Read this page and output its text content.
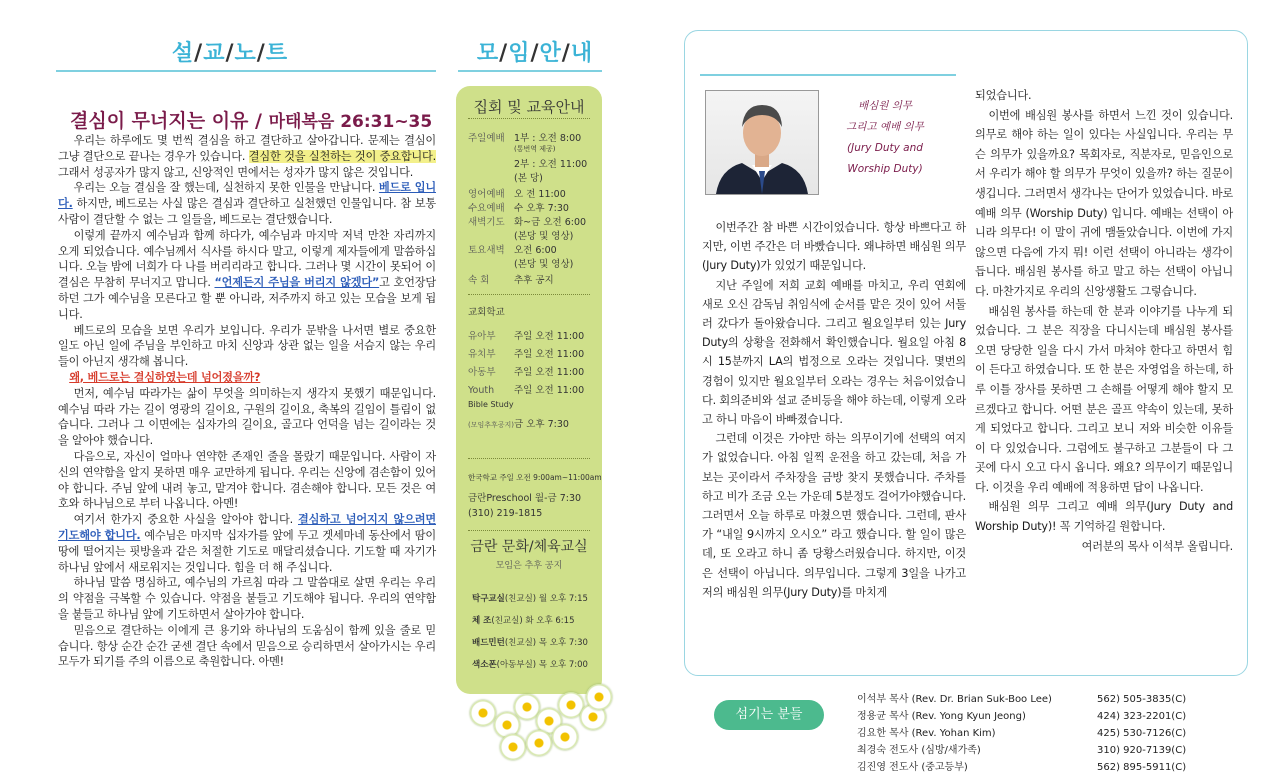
설/교/노/트	모/임/안/내
결심이 무너지는 이유 / 마태복음 26:31~35

우리는 하루에도 몇 번씩 결심을 하고 결단하고 살아갑니다. 문제는 결심이 그냥 결단으로 끝나는 경우가 있습니다. 결심한 것을 실천하는 것이 중요합니다. 그래서 성공자가 많지 않고, 신앙적인 면에서는 성자가 많지 않은 것입니다.

우리는 오늘 결심을 잘 했는데, 실천하지 못한 인물을 만납니다. 베드로 입니다. 하지만, 베드로는 사실 많은 결심과 결단하고 실천했던 인물입니다. 참 보통 사람이 결단할 수 없는 그 일들을, 베드로는 결단했습니다.

이렇게 끝까지 예수님과 함께 하다가, 예수님과 마지막 저녁 만찬 자리까지 오게 되었습니다. 예수님께서 식사를 하시다 말고, 이렇게 제자들에게 말씀하십니다. 오늘 밤에 너희가 다 나를 버리리라고 합니다. 그러나 몇 시간이 못되어 이 결심은 무참히 무너지고 맙니다. “언제든지 주님을 버리지 않겠다”고 호언장담하던 그가 예수님을 모른다고 할 뿐 아니라, 저주까지 하고 있는 모습을 보게 됩니다.

베드로의 모습을 보면 우리가 보입니다. 우리가 문밖을 나서면 별로 중요한 일도 아닌 일에 주님을 부인하고 마치 신앙과 상관 없는 일을 서슴지 않는 우리들이 아닌지 생각해 봅니다.

왜, 베드로는 결심하였는데 넘어졌을까?

먼저, 예수님 따라가는 삶이 무엇을 의미하는지 생각지 못했기 때문입니다. 예수님 따라 가는 길이 영광의 길이요, 구원의 길이요, 축복의 길임이 틀림이 없습니다. 그러나 그 이면에는 십자가의 길이요, 골고다 언덕을 넘는 길이라는 것을 알아야 했습니다.

다음으로, 자신이 얼마나 연약한 존재인 줄을 몰랐기 때문입니다. 사람이 자신의 연약함을 알지 못하면 매우 교만하게 됩니다. 우리는 신앙에 겸손함이 있어야 합니다. 주님 앞에 내려 놓고, 맡겨야 합니다. 겸손해야 합니다. 모든 것은 여호와 하나님으로 부터 나옵니다. 아멘!

여기서 한가지 중요한 사실을 알아야 합니다. 결심하고 넘어지지 않으려면 기도해야 합니다. 예수님은 마지막 십자가를 앞에 두고 겟세마네 동산에서 땀이 땅에 떨어지는 핏방울과 같은 처절한 기도로 매달리셨습니다. 기도할 때 자기가 하나님 앞에서 새로워지는 것입니다. 힘을 더 해 주십니다.

하나님 말씀 명심하고, 예수님의 가르침 따라 그 말씀대로 살면 우리는 우리의 약점을 극복할 수 있습니다. 약점을 붙들고 기도해야 됩니다. 우리의 연약함을 붙들고 하나님 앞에 기도하면서 살아가야 합니다.

믿음으로 결단하는 이에게 큰 용기와 하나님의 도움심이 함께 있을 줄로 믿습니다. 항상 순간 순간 굳센 결단 속에서 믿음으로 승리하면서 살아가시는 우리 모두가 되기를 주의 이름으로 축원합니다. 아멘!

집회 및 교육안내
주일예배 1부 : 오전 8:00
(통번역 제공)
2부 : 오전 11:00
(본 당)
영어예배 오 전 11:00
수요예배 수 오후 7:30
새벽기도 화~금 오전 6:00
(본당 및 영상)
토요새벽 오전 6:00
(본당 및 영상)
속 회	추후 공지
교회학교
유아부 주일 오전 11:00
유치부 주일 오전 11:00
아동부 주일 오전 11:00
Youth 주일 오전 11:00
Bible Study
(모임추후공지)금 오후 7:30
한국학교 주일 오전 9:00am~11:00am
금란Preschool 월-금 7:30
(310) 219-1815
금란 문화/체육교실
모임은 추후 공지
탁구교실(친교실) 월 오후 7:15
체 조(친교실) 화 오후 6:15
배드민턴(친교실) 목 오후 7:30
색소폰(아동부실) 목 오후 7:00
배심원 의무
그리고 예배 의무
(Jury Duty and
Worship Duty)

이번주간 참 바쁜 시간이었습니다. 항상 바쁘다고 하지만, 이번 주간은 더 바빴습니다. 왜냐하면 배심원 의무(Jury Duty)가 있었기 때문입니다.

지난 주일에 저희 교회 예배를 마치고, 우리 연회에 새로 오신 감독님 취임식에 순서를 맡은 것이 있어 서둘러 갔다가 돌아왔습니다. 그리고 월요일부터 있는 Jury Duty의 상황을 전화해서 확인했습니다. 월요일 아침 8시 15분까지 LA의 법정으로 오라는 것입니다. 몇번의 경험이 있지만 월요일부터 오라는 경우는 처음이었습니다. 회의준비와 설교 준비등을 해야 하는데, 이렇게 오라고 하니 마음이 바빠졌습니다.

그런데 이것은 가야만 하는 의무이기에 선택의 여지가 없었습니다. 아침 일찍 운전을 하고 갔는데, 처음 가보는 곳이라서 주차장을 금방 찾지 못했습니다. 주차를 하고 비가 조금 오는 가운데 5분정도 걸어가야했습니다. 그러면서 오늘 하루로 마쳤으면 했습니다. 그런데, 판사가 “내일 9시까지 오시오” 라고 했습니다. 할 일이 많은데, 또 오라고 하니 좀 당황스러웠습니다. 하지만, 이것은 선택이 아닙니다. 의무입니다. 그렇게 3일을 나가고 저의 배심원 의무(Jury Duty)를 마치게

되었습니다.

이번에 배심원 봉사를 하면서 느낀 것이 있습니다. 의무로 해야 하는 일이 있다는 사실입니다. 우리는 무슨 의무가 있을까요? 목회자로, 직분자로, 믿음인으로서 우리가 해야 할 의무가 무엇이 있을까? 하는 질문이 생깁니다. 그러면서 생각나는 단어가 있었습니다. 바로 예배 의무 (Worship Duty) 입니다. 예배는 선택이 아니라 의무다! 이 말이 귀에 맴돌았습니다. 이번에 가지 않으면 다음에 가지 뭐! 이런 선택이 아니라는 생각이 듭니다. 배심원 봉사를 하고 말고 하는 선택이 아닙니다. 마찬가지로 우리의 신앙생활도 그렇습니다.

배심원 봉사를 하는데 한 분과 이야기를 나누게 되었습니다. 그 분은 직장을 다니시는데 배심원 봉사를 오면 당당한 일을 다시 가서 마쳐야 한다고 하면서 힘이 든다고 하였습니다. 또 한 분은 자영업을 하는데, 하루 이틀 장사를 못하면 그 손해를 어떻게 해야 할지 모르겠다고 합니다. 어떤 분은 골프 약속이 있는데, 못하게 되었다고 합니다. 그리고 보니 저와 비슷한 이유들이 다 있었습니다. 그럼에도 불구하고 그분들이 다 그곳에 다시 오고 다시 옵니다. 왜요? 의무이기 때문입니다. 이것을 우리 예배에 적용하면 답이 나옵니다.

배심원 의무 그리고 예배 의무(Jury Duty and Worship Duty)! 꼭 기억하길 원합니다.

여러분의 목사 이석부 올립니다.

섬기는 분들
이석부 목사 (Rev. Dr. Brian Suk-Boo Lee)	562) 505-3835(C)
정용균 목사 (Rev. Yong Kyun Jeong)	424) 323-2201(C)
김요한 목사 (Rev. Yohan Kim)	425) 530-7126(C)
최경숙 전도사 (심방/새가족)	310) 920-7139(C)
김진영 전도사 (중고등부)	562) 895-5911(C)
